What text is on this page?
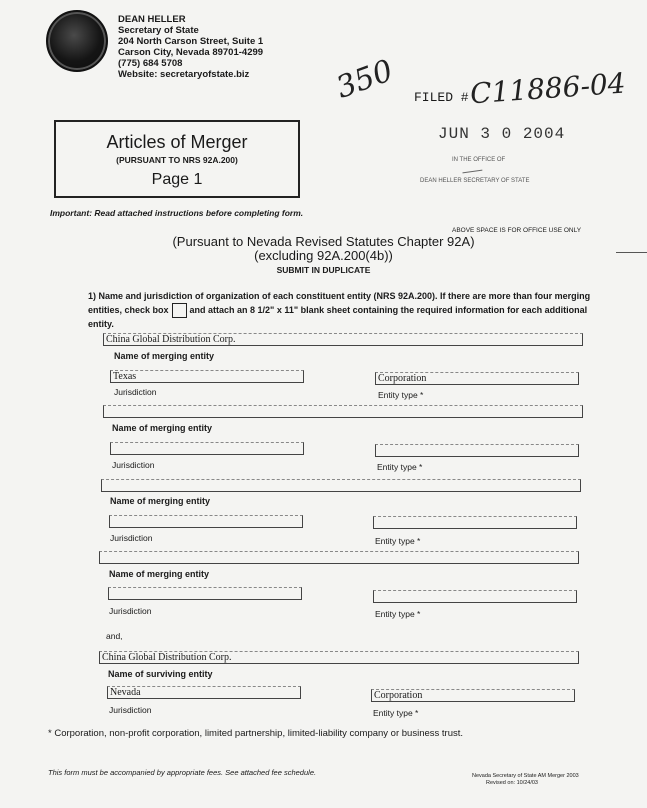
DEAN HELLER
Secretary of State
204 North Carson Street, Suite 1
Carson City, Nevada 89701-4299
(775) 684 5708
Website: secretaryofstate.biz
Articles of Merger
(PURSUANT TO NRS 92A.200)
Page 1
350 FILED # C11886-04
JUN 3 0 2004
IN THE OFFICE OF
DEAN HELLER SECRETARY OF STATE
Important: Read attached instructions before completing form.
ABOVE SPACE IS FOR OFFICE USE ONLY
(Pursuant to Nevada Revised Statutes Chapter 92A)
(excluding 92A.200(4b))
SUBMIT IN DUPLICATE
1) Name and jurisdiction of organization of each constituent entity (NRS 92A.200). If there are more than four merging entities, check box and attach an 8 1/2" x 11" blank sheet containing the required information for each additional entity.
China Global Distribution Corp.
Name of merging entity
Texas	Corporation
Jurisdiction	Entity type *
Name of merging entity
Jurisdiction	Entity type *
Name of merging entity
Jurisdiction	Entity type *
Name of merging entity
Jurisdiction	Entity type *
and,
China Global Distribution Corp.
Name of surviving entity
Nevada	Corporation
Jurisdiction	Entity type *
* Corporation, non-profit corporation, limited partnership, limited-liability company or business trust.
This form must be accompanied by appropriate fees. See attached fee schedule.	Nevada Secretary of State AM Merger 2003
Revised on: 10/24/03
